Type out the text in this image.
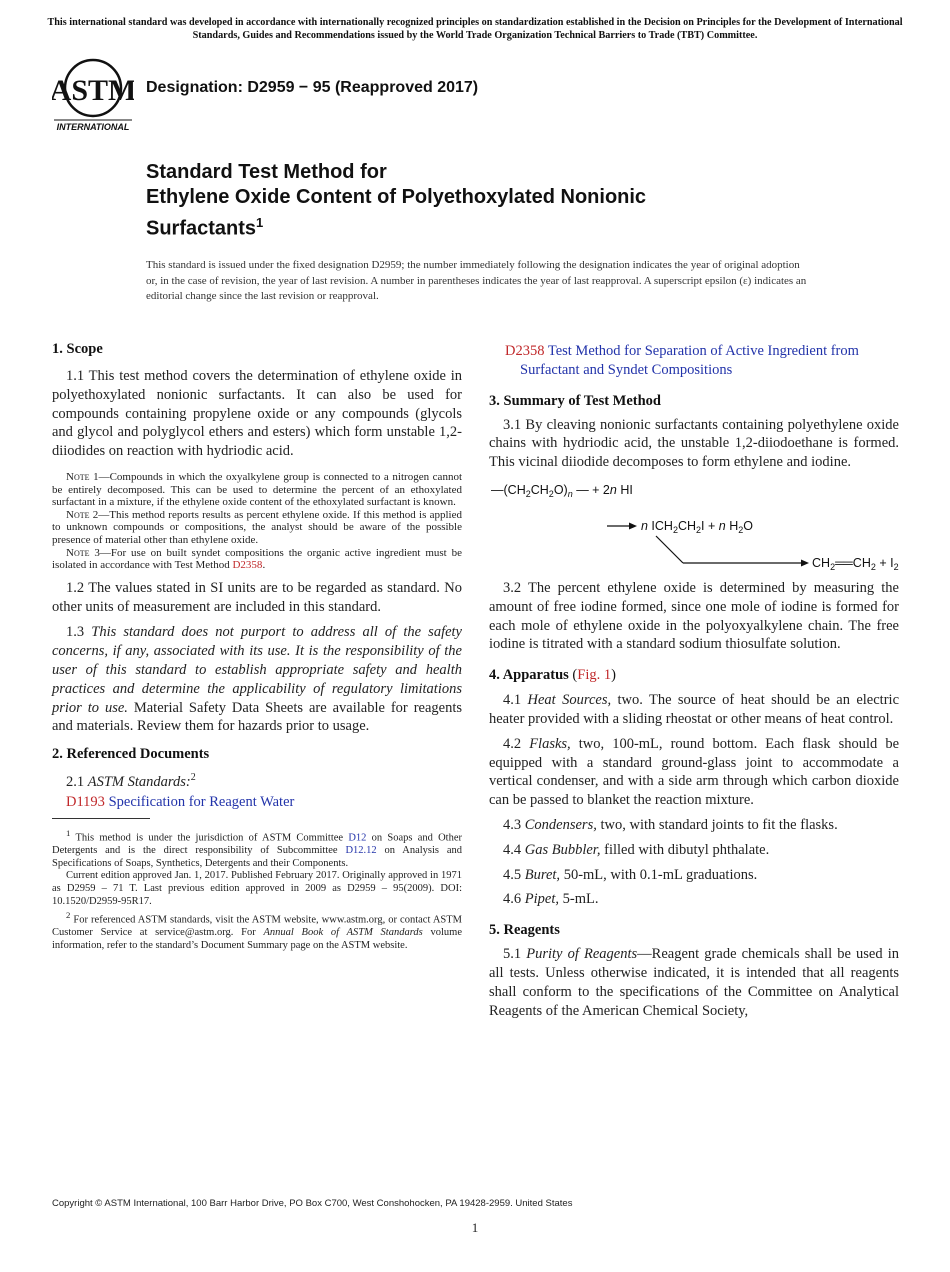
This international standard was developed in accordance with internationally recognized principles on standardization established in the Decision on Principles for the Development of International Standards, Guides and Recommendations issued by the World Trade Organization Technical Barriers to Trade (TBT) Committee.
ASTM
INTERNATIONAL
Designation: D2959 − 95 (Reapproved 2017)
Standard Test Method for
Ethylene Oxide Content of Polyethoxylated Nonionic
Surfactants$^1$
This standard is issued under the fixed designation D2959; the number immediately following the designation indicates the year of original adoption or, in the case of revision, the year of last revision. A number in parentheses indicates the year of last reapproval. A superscript epsilon (ε) indicates an editorial change since the last revision or reapproval.
1. Scope

1.1 This test method covers the determination of ethylene oxide in polyethoxylated nonionic surfactants. It can also be used for compounds containing propylene oxide or any compounds (glycols and glycol and polyglycol ethers and esters) which form unstable 1,2-diiodides on reaction with hydriodic acid.

Note 1—Compounds in which the oxyalkylene group is connected to a nitrogen cannot be entirely decomposed. This can be used to determine the percent of an ethoxylated surfactant in a mixture, if the ethylene oxide content of the ethoxylated surfactant is known.

Note 2—This method reports results as percent ethylene oxide. If this method is applied to unknown compounds or compositions, the analyst should be aware of the possible presence of material other than ethylene oxide.

Note 3—For use on built syndet compositions the organic active ingredient must be isolated in accordance with Test Method D2358.

1.2 The values stated in SI units are to be regarded as standard. No other units of measurement are included in this standard.

1.3 This standard does not purport to address all of the safety concerns, if any, associated with its use. It is the responsibility of the user of this standard to establish appropriate safety and health practices and determine the applicability of regulatory limitations prior to use. Material Safety Data Sheets are available for reagents and materials. Review them for hazards prior to usage.

2. Referenced Documents

2.1 ASTM Standards:$^2$

D1193 Specification for Reagent Water

$^1$ This method is under the jurisdiction of ASTM Committee D12 on Soaps and Other Detergents and is the direct responsibility of Subcommittee D12.12 on Analysis and Specifications of Soaps, Synthetics, Detergents and their Components.

Current edition approved Jan. 1, 2017. Published February 2017. Originally approved in 1971 as D2959 – 71 T. Last previous edition approved in 2009 as D2959 – 95(2009). DOI: 10.1520/D2959-95R17.

$^2$ For referenced ASTM standards, visit the ASTM website, www.astm.org, or contact ASTM Customer Service at service@astm.org. For Annual Book of ASTM Standards volume information, refer to the standard’s Document Summary page on the ASTM website.

D2358 Test Method for Separation of Active Ingredient from Surfactant and Syndet Compositions

3. Summary of Test Method

3.1 By cleaving nonionic surfactants containing polyethylene oxide chains with hydriodic acid, the unstable 1,2-diiodoethane is formed. This vicinal diiodide decomposes to form ethylene and iodine.

$—(CH_2CH_2O)_n$ — + 2n HI
n $ICH_2CH_2I + n$ $H_2O$
$CH_2══CH_2 + I_2$

3.2 The percent ethylene oxide is determined by measuring the amount of free iodine formed, since one mole of iodine is formed for each mole of ethylene oxide in the polyoxyalkylene chain. The free iodine is titrated with a standard sodium thiosulfate solution.

4. Apparatus (Fig. 1)

4.1 Heat Sources, two. The source of heat should be an electric heater provided with a sliding rheostat or other means of heat control.

4.2 Flasks, two, 100-mL, round bottom. Each flask should be equipped with a standard ground-glass joint to accommodate a vertical condenser, and with a side arm through which carbon dioxide can be passed to blanket the reaction mixture.

4.3 Condensers, two, with standard joints to fit the flasks.

4.4 Gas Bubbler, filled with dibutyl phthalate.

4.5 Buret, 50-mL, with 0.1-mL graduations.

4.6 Pipet, 5-mL.

5. Reagents

5.1 Purity of Reagents—Reagent grade chemicals shall be used in all tests. Unless otherwise indicated, it is intended that all reagents shall conform to the specifications of the Committee on Analytical Reagents of the American Chemical Society,

Copyright © ASTM International, 100 Barr Harbor Drive, PO Box C700, West Conshohocken, PA 19428-2959. United States
1
